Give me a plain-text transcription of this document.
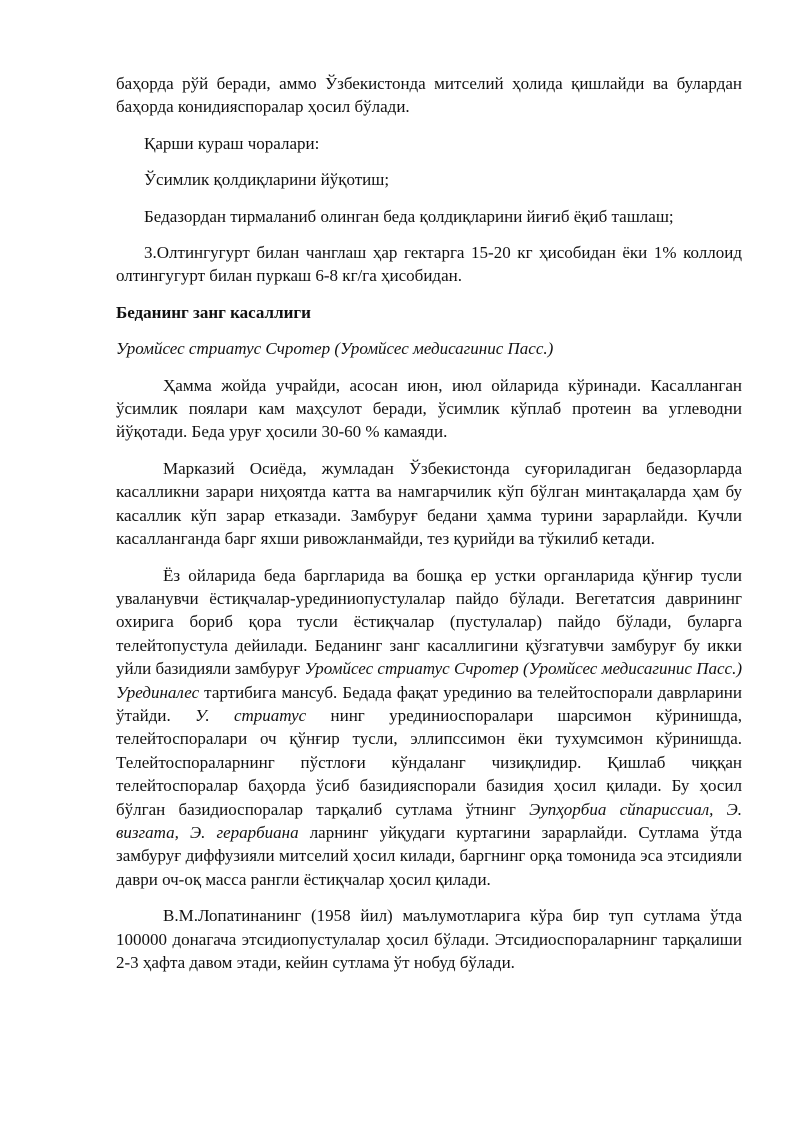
баҳорда рўй беради, аммо Ўзбекистонда митселий ҳолида қишлайди ва булардан баҳорда конидияспоралар ҳосил бўлади.

Қарши кураш чоралари:

Ўсимлик қолдиқларини йўқотиш;

Бедазордан тирмаланиб олинган беда қолдиқларини йиғиб ёқиб ташлаш;

3.Олтингугурт билан чанглаш ҳар гектарга 15-20 кг ҳисобидан ёки 1% коллоид олтингугурт билан пуркаш 6-8 кг/га ҳисобидан.

Беданинг занг касаллиги

Уромйсес стриатус Счротер (Уромйсес медисагинис Пасс.)

Ҳамма жойда учрайди, асосан июн, июл ойларида кўринади. Касалланган ўсимлик поялари кам маҳсулот беради, ўсимлик кўплаб протеин ва углеводни йўқотади. Беда уруғ ҳосили 30-60 % камаяди.

Марказий Осиёда, жумладан Ўзбекистонда суғориладиган бедазорларда касалликни зарари ниҳоятда катта ва намгарчилик кўп бўлган минтақаларда ҳам бу касаллик кўп зарар етказади. Замбуруғ бедани ҳамма турини зарарлайди. Кучли касалланганда барг яхши ривожланмайди, тез қурийди ва тўкилиб кетади.

Ёз ойларида беда баргларида ва бошқа ер устки органларида қўнғир тусли уваланувчи ёстиқчалар-урединиопустулалар пайдо бўлади. Вегетатсия даврининг охирига бориб қора тусли ёстиқчалар (пустулалар) пайдо бўлади, буларга телейтопустула дейилади. Беданинг занг касаллигини қўзгатувчи замбуруғ бу икки уйли базидияли замбуруғ Уромйсес стриатус Счротер (Уромйсес медисагинис Пасс.) Урединалес тартибига мансуб. Бедада фақат урединио ва телейтоспорали даврларини ўтайди. У. стриатус нинг урединиоспоралари шарсимон кўринишда, телейтоспоралари оч қўнғир тусли, эллипссимон ёки тухумсимон кўринишда. Телейтоспораларнинг пўстлоғи кўндаланг чизиқлидир. Қишлаб чиққан телейтоспоралар баҳорда ўсиб базидияспорали базидия ҳосил қилади. Бу ҳосил бўлган базидиоспоралар тарқалиб сутлама ўтнинг Эупҳорбиа сйпариссиал, Э. визгата, Э. герарбиана ларнинг уйқудаги куртагини зарарлайди. Сутлама ўтда замбуруғ диффузияли митселий ҳосил килади, баргнинг орқа томонида эса этсидияли даври оч-оқ масса рангли ёстиқчалар ҳосил қилади.

В.М.Лопатинанинг (1958 йил) маълумотларига кўра бир туп сутлама ўтда 100000 донагача этсидиопустулалар ҳосил бўлади. Этсидиоспораларнинг тарқалиши 2-3 ҳафта давом этади, кейин сутлама ўт нобуд бўлади.
